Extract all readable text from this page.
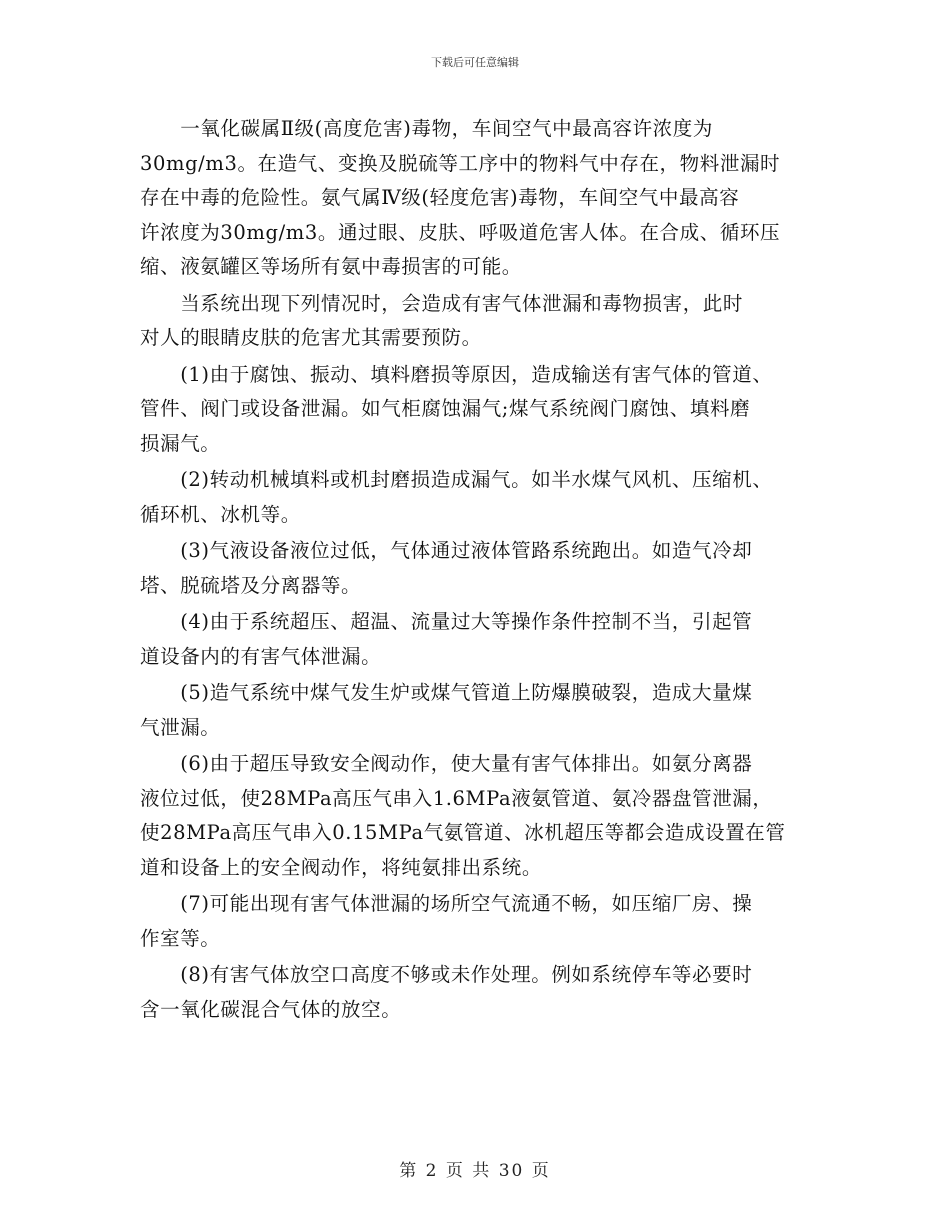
下载后可任意编辑

　　一氧化碳属Ⅱ级(高度危害)毒物，车间空气中最高容许浓度为
30mg/m3。在造气、变换及脱硫等工序中的物料气中存在，物料泄漏时
存在中毒的危险性。氨气属Ⅳ级(轻度危害)毒物，车间空气中最高容
许浓度为30mg/m3。通过眼、皮肤、呼吸道危害人体。在合成、循环压
缩、液氨罐区等场所有氨中毒损害的可能。

　　当系统出现下列情况时，会造成有害气体泄漏和毒物损害，此时
对人的眼睛皮肤的危害尤其需要预防。

　　(1)由于腐蚀、振动、填料磨损等原因，造成输送有害气体的管道、
管件、阀门或设备泄漏。如气柜腐蚀漏气;煤气系统阀门腐蚀、填料磨
损漏气。

　　(2)转动机械填料或机封磨损造成漏气。如半水煤气风机、压缩机、
循环机、冰机等。

　　(3)气液设备液位过低，气体通过液体管路系统跑出。如造气冷却
塔、脱硫塔及分离器等。

　　(4)由于系统超压、超温、流量过大等操作条件控制不当，引起管
道设备内的有害气体泄漏。

　　(5)造气系统中煤气发生炉或煤气管道上防爆膜破裂，造成大量煤
气泄漏。

　　(6)由于超压导致安全阀动作，使大量有害气体排出。如氨分离器
液位过低，使28MPa高压气串入1.6MPa液氨管道、氨冷器盘管泄漏，
使28MPa高压气串入0.15MPa气氨管道、冰机超压等都会造成设置在管
道和设备上的安全阀动作，将纯氨排出系统。

　　(7)可能出现有害气体泄漏的场所空气流通不畅，如压缩厂房、操
作室等。

　　(8)有害气体放空口高度不够或未作处理。例如系统停车等必要时
含一氧化碳混合气体的放空。

第 2 页 共 30 页
